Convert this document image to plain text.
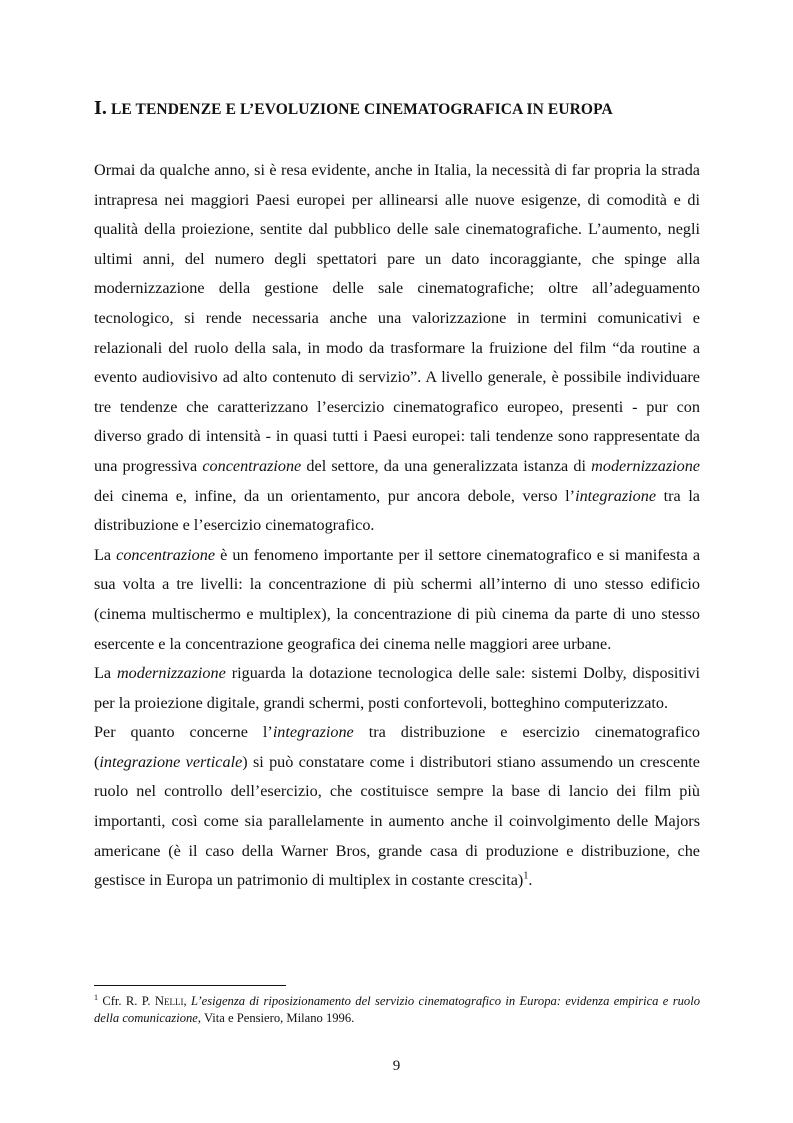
I. LE TENDENZE E L’EVOLUZIONE CINEMATOGRAFICA IN EUROPA

Ormai da qualche anno, si è resa evidente, anche in Italia, la necessità di far propria la strada intrapresa nei maggiori Paesi europei per allinearsi alle nuove esigenze, di comodità e di qualità della proiezione, sentite dal pubblico delle sale cinematografiche. L’aumento, negli ultimi anni, del numero degli spettatori pare un dato incoraggiante, che spinge alla modernizzazione della gestione delle sale cinematografiche; oltre all’adeguamento tecnologico, si rende necessaria anche una valorizzazione in termini comunicativi e relazionali del ruolo della sala, in modo da trasformare la fruizione del film “da routine a evento audiovisivo ad alto contenuto di servizio”. A livello generale, è possibile individuare tre tendenze che caratterizzano l’esercizio cinematografico europeo, presenti - pur con diverso grado di intensità - in quasi tutti i Paesi europei: tali tendenze sono rappresentate da una progressiva concentrazione del settore, da una generalizzata istanza di modernizzazione dei cinema e, infine, da un orientamento, pur ancora debole, verso l’integrazione tra la distribuzione e l’esercizio cinematografico.

La concentrazione è un fenomeno importante per il settore cinematografico e si manifesta a sua volta a tre livelli: la concentrazione di più schermi all’interno di uno stesso edificio (cinema multischermo e multiplex), la concentrazione di più cinema da parte di uno stesso esercente e la concentrazione geografica dei cinema nelle maggiori aree urbane.

La modernizzazione riguarda la dotazione tecnologica delle sale: sistemi Dolby, dispositivi per la proiezione digitale, grandi schermi, posti confortevoli, botteghino computerizzato.

Per quanto concerne l’integrazione tra distribuzione e esercizio cinematografico (integrazione verticale) si può constatare come i distributori stiano assumendo un crescente ruolo nel controllo dell’esercizio, che costituisce sempre la base di lancio dei film più importanti, così come sia parallelamente in aumento anche il coinvolgimento delle Majors americane (è il caso della Warner Bros, grande casa di produzione e distribuzione, che gestisce in Europa un patrimonio di multiplex in costante crescita)$^1$.

$^1$ Cfr. R. P. Nelli, L’esigenza di riposizionamento del servizio cinematografico in Europa: evidenza empirica e ruolo della comunicazione, Vita e Pensiero, Milano 1996.

9
